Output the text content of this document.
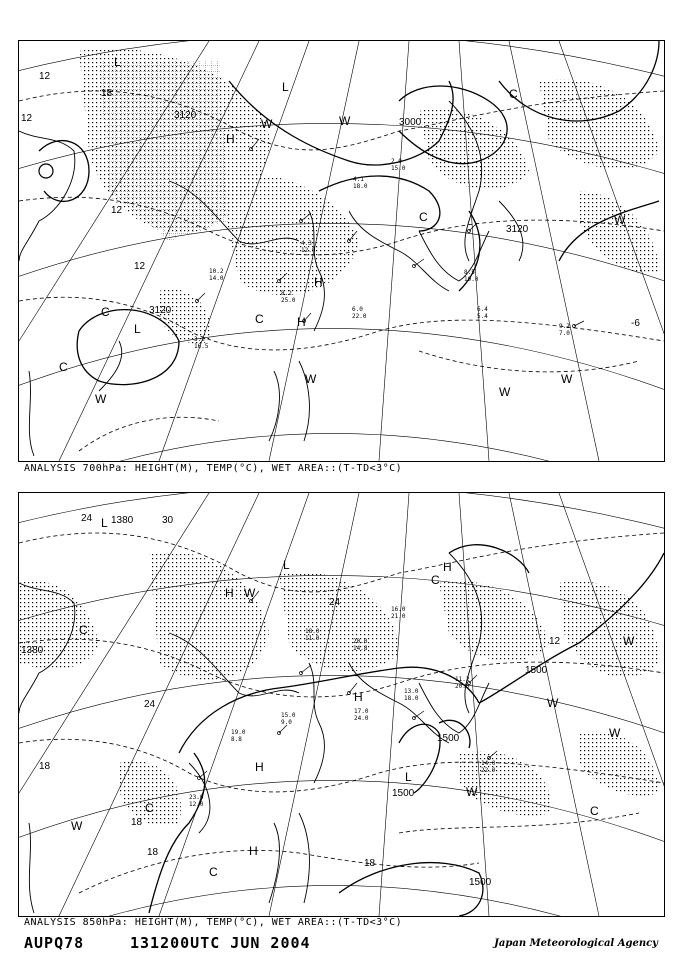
3120
3000
3120
3120
12
12
18
12
12
-6
L
L
L
H
H
H
C
C
C
C
C
W
W
W
W	W
W
W
2.0
15.0
4.1
18.0
8.2
25.0
6.4
5.4
9.2
7.0
10.2
14.0
4.3
12.0
6.0
22.0
8.5
19.0
3.2
16.5
ANALYSIS 700hPa: HEIGHT(M), TEMP(°C), WET AREA::(T-TD<3°C)
1380
1380
1500
1500
1500
1500
24	30
24
24
12
18
18
18
18
L
L
L
H
H
H
H
H
C
C
C
C
C
W
W
W
W
W
W
18.0
11.0	20.0
14.8
15.0
9.0
17.0
24.0
16.0
21.0
13.0
18.0
11.2
20.0
19.0
8.8
23.0
12.0
14.0
22.0
ANALYSIS 850hPa: HEIGHT(M), TEMP(°C), WET AREA::(T-TD<3°C)
AUPQ78	131200UTC JUN 2004	Japan Meteorological Agency
